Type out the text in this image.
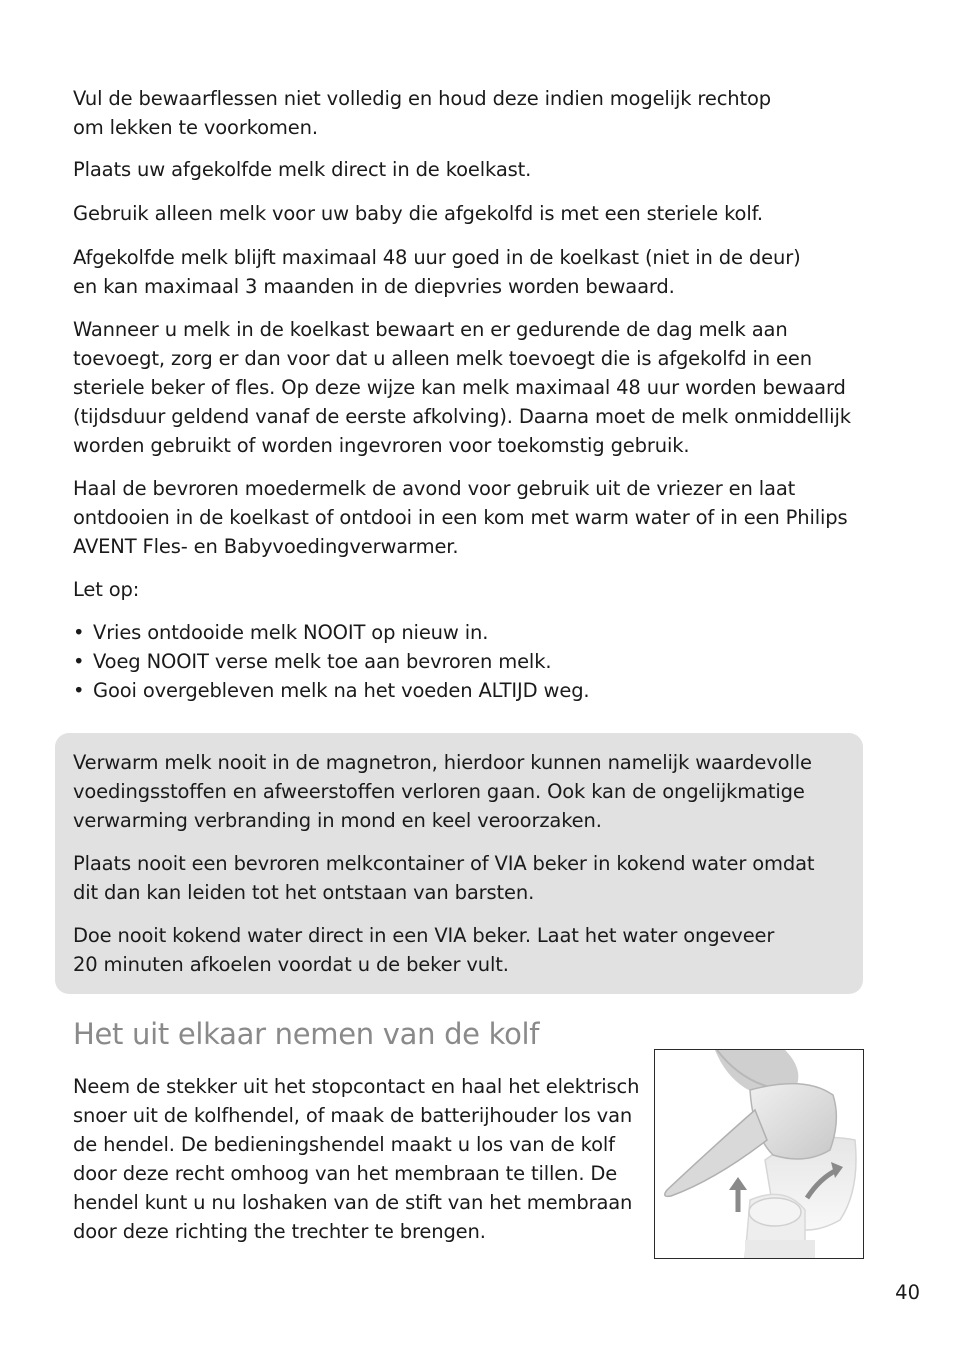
Vul de bewaarflessen niet volledig en houd deze indien mogelijk rechtop
om lekken te voorkomen.

Plaats uw afgekolfde melk direct in de koelkast.

Gebruik alleen melk voor uw baby die afgekolfd is met een steriele kolf.

Afgekolfde melk blijft maximaal 48 uur goed in de koelkast (niet in de deur)
en kan maximaal 3 maanden in de diepvries worden bewaard.

Wanneer u melk in de koelkast bewaart en er gedurende de dag melk aan
toevoegt, zorg er dan voor dat u alleen melk toevoegt die is afgekolfd in een
steriele beker of fles. Op deze wijze kan melk maximaal 48 uur worden bewaard
(tijdsduur geldend vanaf de eerste afkolving). Daarna moet de melk onmiddellijk
worden gebruikt of worden ingevroren voor toekomstig gebruik.

Haal de bevroren moedermelk de avond voor gebruik uit de vriezer en laat
ontdooien in de koelkast of ontdooi in een kom met warm water of in een Philips
AVENT Fles- en Babyvoedingverwarmer.

Let op:

• Vries ontdooide melk NOOIT op nieuw in.
• Voeg NOOIT verse melk toe aan bevroren melk.
• Gooi overgebleven melk na het voeden ALTIJD weg.

Verwarm melk nooit in de magnetron, hierdoor kunnen namelijk waardevolle
voedingsstoffen en afweerstoffen verloren gaan. Ook kan de ongelijkmatige
verwarming verbranding in mond en keel veroorzaken.

Plaats nooit een bevroren melkcontainer of VIA beker in kokend water omdat
dit dan kan leiden tot het ontstaan van barsten.

Doe nooit kokend water direct in een VIA beker. Laat het water ongeveer
20 minuten afkoelen voordat u de beker vult.

Het uit elkaar nemen van de kolf

Neem de stekker uit het stopcontact en haal het elektrisch
snoer uit de kolfhendel, of maak de batterijhouder los van
de hendel. De bedieningshendel maakt u los van de kolf
door deze recht omhoog van het membraan te tillen. De
hendel kunt u nu loshaken van de stift van het membraan
door deze richting the trechter te brengen.

40
